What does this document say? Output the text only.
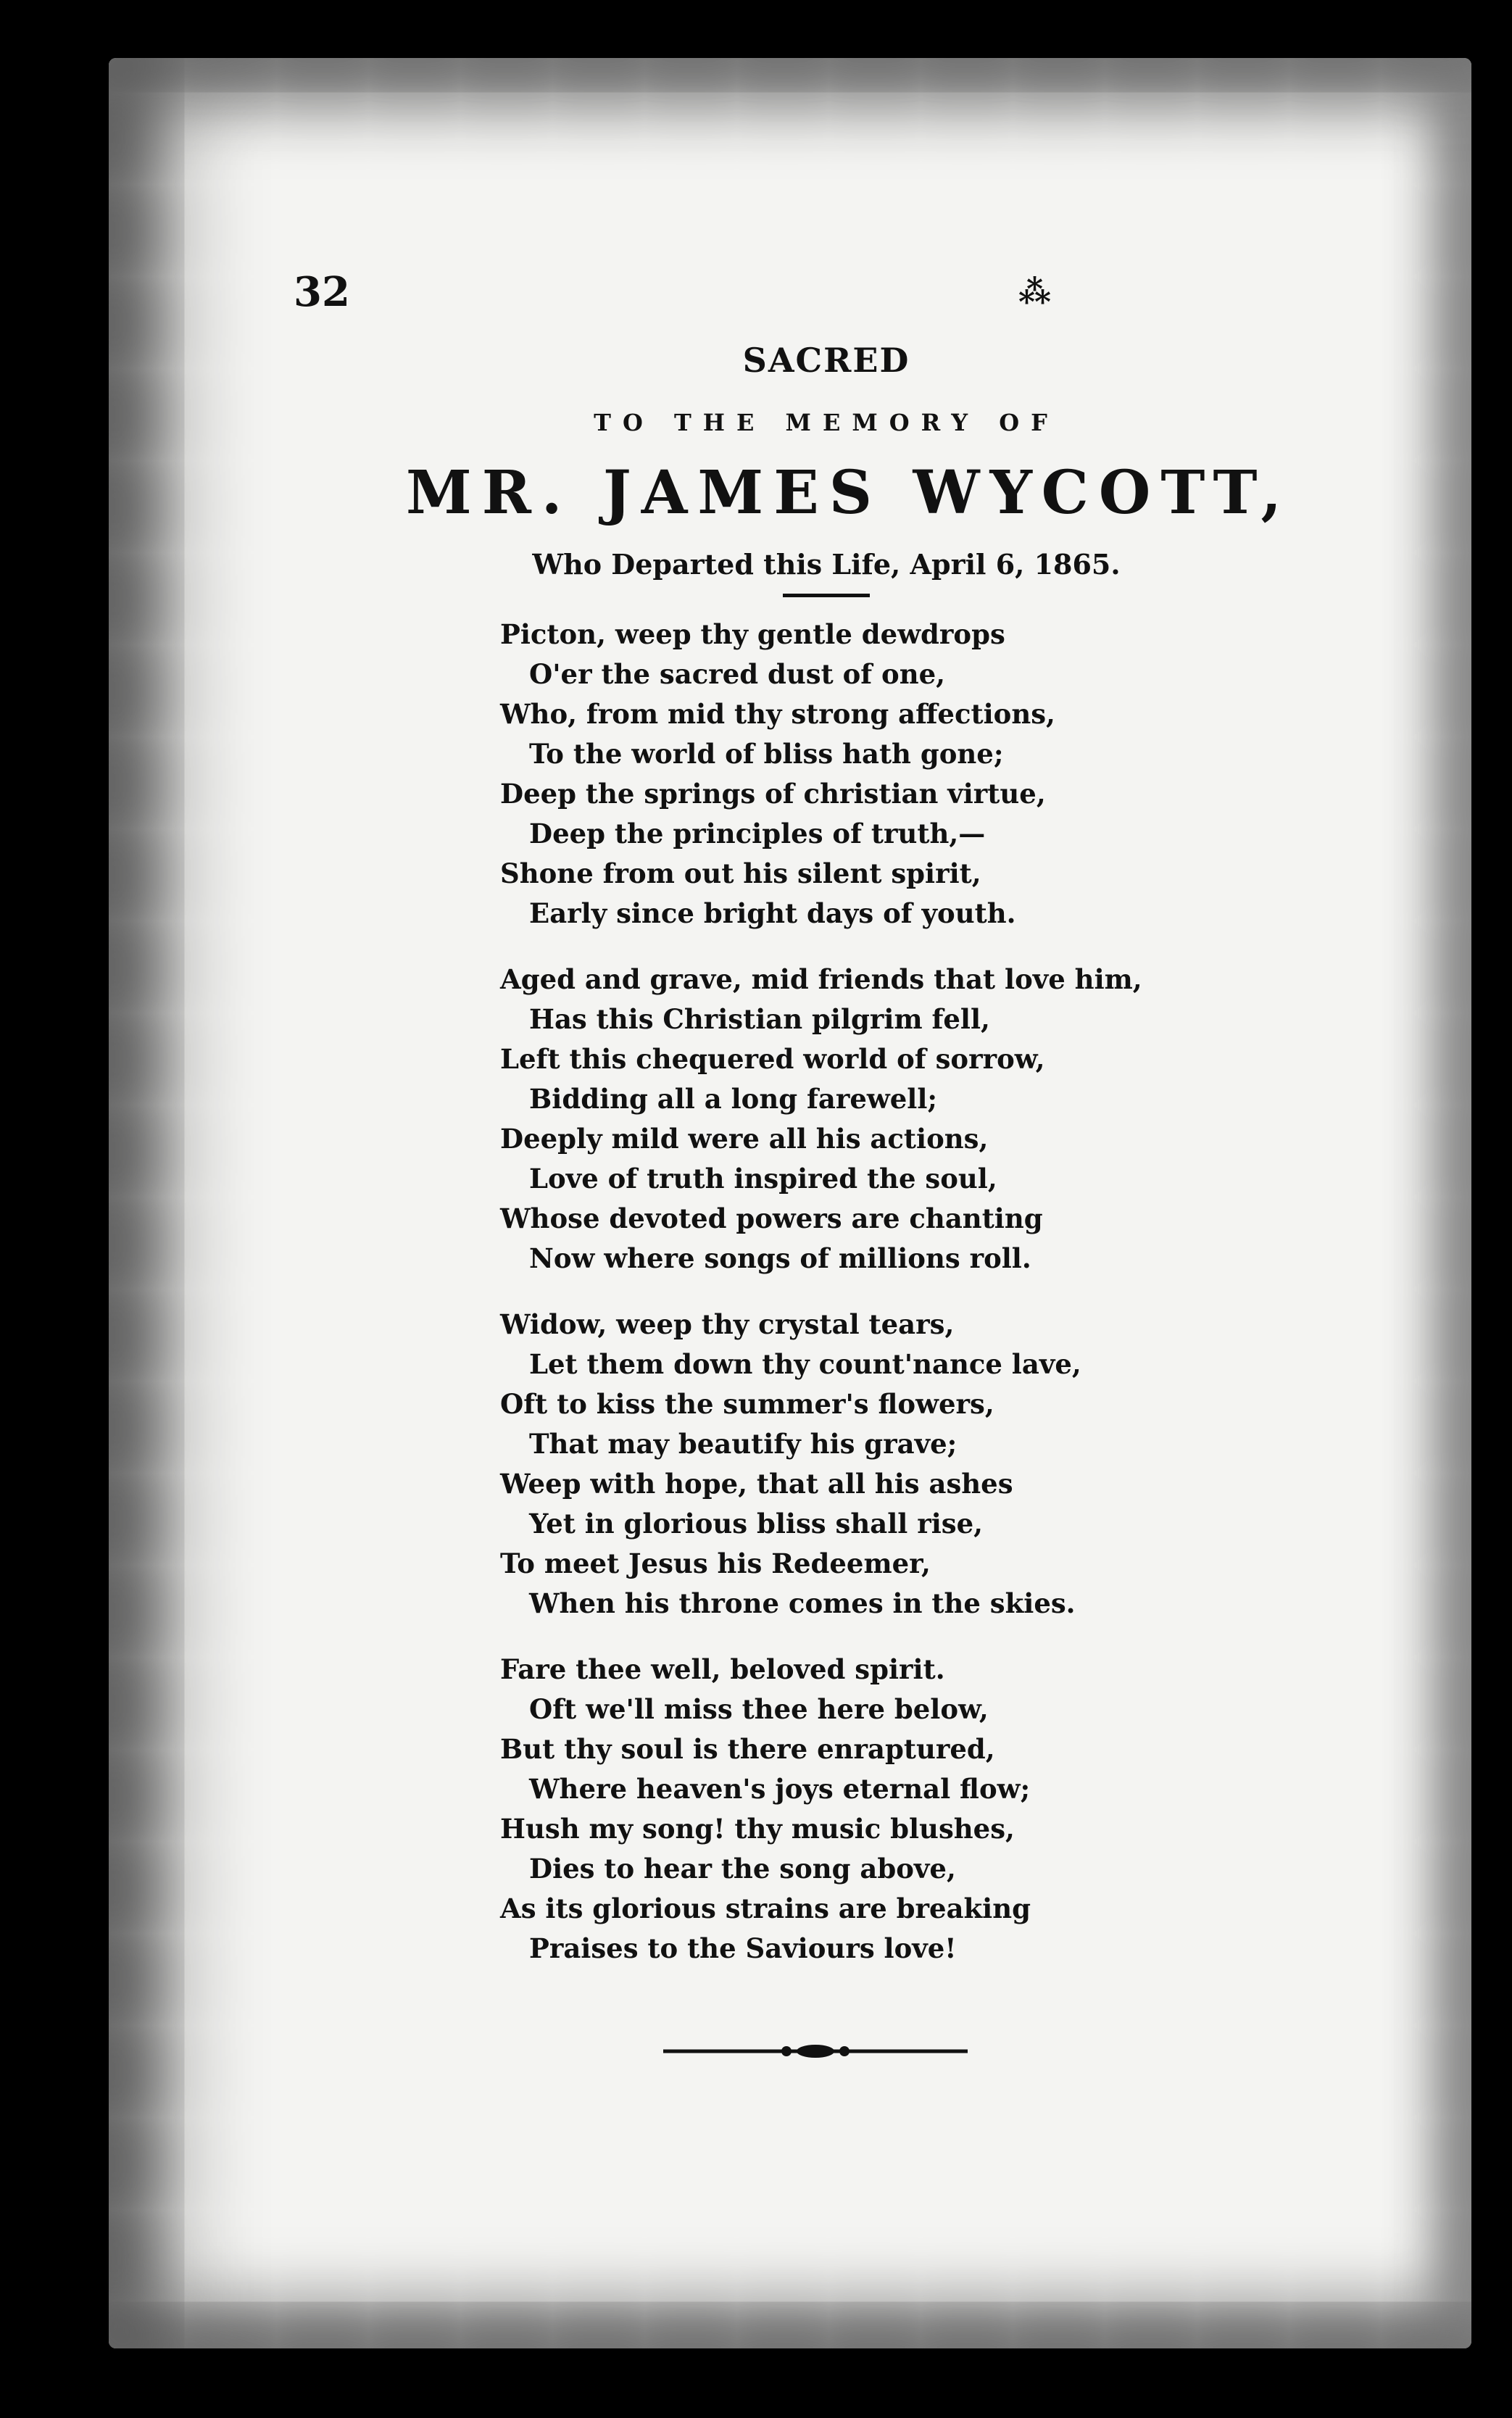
32	⁂

SACRED

TO THE MEMORY OF

MR. JAMES WYCOTT,

Who Departed this Life, April 6, 1865.

Picton, weep thy gentle dewdrops
O'er the sacred dust of one,
Who, from mid thy strong affections,
To the world of bliss hath gone;
Deep the springs of christian virtue,
Deep the principles of truth,—
Shone from out his silent spirit,
Early since bright days of youth.
Aged and grave, mid friends that love him,
Has this Christian pilgrim fell,
Left this chequered world of sorrow,
Bidding all a long farewell;
Deeply mild were all his actions,
Love of truth inspired the soul,
Whose devoted powers are chanting
Now where songs of millions roll.
Widow, weep thy crystal tears,
Let them down thy count'nance lave,
Oft to kiss the summer's flowers,
That may beautify his grave;
Weep with hope, that all his ashes
Yet in glorious bliss shall rise,
To meet Jesus his Redeemer,
When his throne comes in the skies.
Fare thee well, beloved spirit.
Oft we'll miss thee here below,
But thy soul is there enraptured,
Where heaven's joys eternal flow;
Hush my song! thy music blushes,
Dies to hear the song above,
As its glorious strains are breaking
Praises to the Saviours love!
